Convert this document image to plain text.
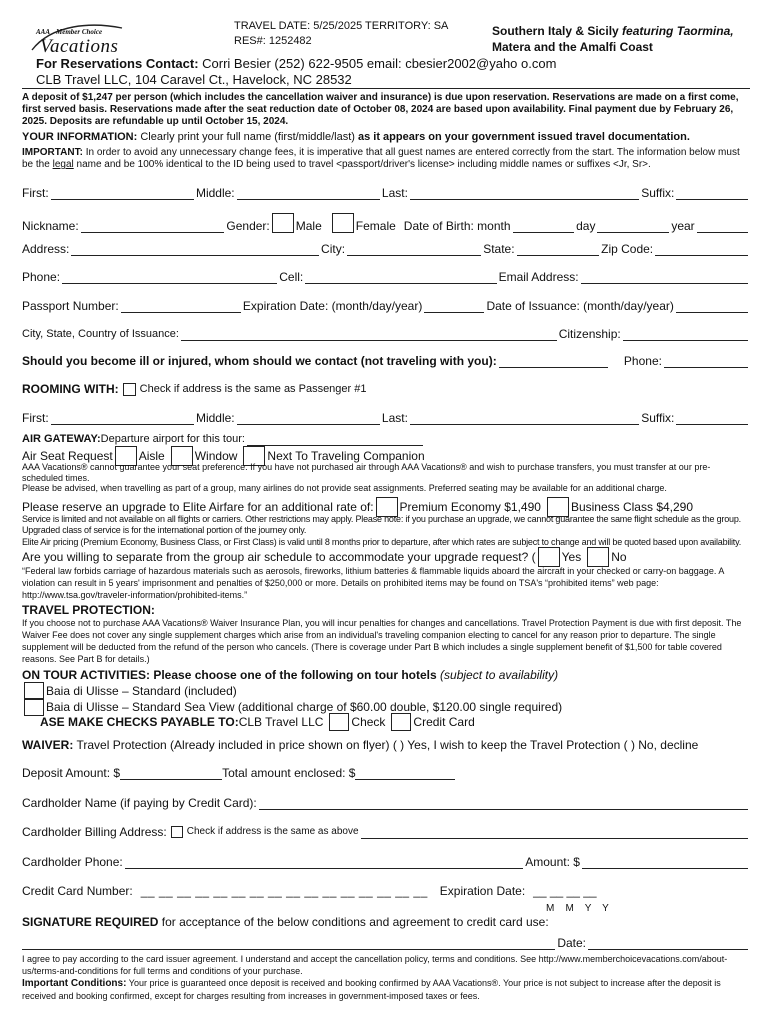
AAA Member Choice
Vacations
TRAVEL DATE: 5/25/2025 TERRITORY: SA
RES#: 1252482
Southern Italy & Sicily featuring Taormina,
Matera and the Amalfi Coast
For Reservations Contact: Corri Besier (252) 622-9505 email: cbesier2002@yaho o.com
CLB Travel LLC, 104 Caravel Ct., Havelock, NC 28532
A deposit of $1,247 per person (which includes the cancellation waiver and insurance) is due upon reservation. Reservations are made on a first come, first served basis. Reservations made after the seat reduction date of October 08, 2024 are based upon availability. Final payment due by February 26, 2025. Deposits are refundable up until October 15, 2024.
YOUR INFORMATION: Clearly print your full name (first/middle/last) as it appears on your government issued travel documentation.
IMPORTANT: In order to avoid any unnecessary change fees, it is imperative that all guest names are entered correctly from the start. The information below must be the legal name and be 100% identical to the ID being used to travel <passport/driver's license> including middle names or suffixes <Jr, Sr>.
First:	Middle:	Last:	Suffix:
Nickname:	Gender: Male	Female Date of Birth: month	day	year
Address:	City:	State:	Zip Code:
Phone:	Cell:	Email Address:
Passport Number:	Expiration Date: (month/day/year)	Date of Issuance: (month/day/year)
City, State, Country of Issuance:	Citizenship:
Should you become ill or injured, whom should we contact (not traveling with you):	Phone:
ROOMING WITH: Check if address is the same as Passenger #1
First:	Middle:	Last:	Suffix:
AIR GATEWAY: Departure airport for this tour:
Air Seat Request Aisle	Window	Next To Traveling Companion
AAA Vacations® cannot guarantee your seat preference. If you have not purchased air through AAA Vacations® and wish to purchase transfers, you must transfer at our pre-scheduled times.
Please be advised, when travelling as part of a group, many airlines do not provide seat assignments. Preferred seating may be available for an additional charge.
Please reserve an upgrade to Elite Airfare for an additional rate of: Premium Economy $1,490	Business Class $4,290
Service is limited and not available on all flights or carriers. Other restrictions may apply. Please note: if you purchase an upgrade, we cannot guarantee the same flight schedule as the group. Upgraded class of service is for the international portion of the journey only.
Elite Air pricing (Premium Economy, Business Class, or First Class) is valid until 8 months prior to departure, after which rates are subject to change and will be quoted based upon availability.
Are you willing to separate from the group air schedule to accommodate your upgrade request? ( Yes	No
“Federal law forbids carriage of hazardous materials such as aerosols, fireworks, lithium batteries & flammable liquids aboard the aircraft in your checked or carry-on baggage. A violation can result in 5 years' imprisonment and penalties of $250,000 or more. Details on prohibited items may be found on TSA's “prohibited items” web page: http://www.tsa.gov/traveler-information/prohibited-items.”
TRAVEL PROTECTION:
If you choose not to purchase AAA Vacations® Waiver Insurance Plan, you will incur penalties for changes and cancellations. Travel Protection Payment is due with first deposit. The Waiver Fee does not cover any single supplement charges which arise from an individual's traveling companion electing to cancel for any reason prior to departure. The single supplement will be deducted from the refund of the person who cancels. (There is coverage under Part B which includes a single supplement benefit of $1,500 for table covered reasons. See Part B for details.)
ON TOUR ACTIVITIES: Please choose one of the following on tour hotels (subject to availability)
Baia di Ulisse – Standard (included)
Baia di Ulisse – Standard Sea View (additional charge of $60.00 double, $120.00 single required)
ASE MAKE CHECKS PAYABLE TO: CLB Travel LLC Check Credit Card
WAIVER: Travel Protection (Already included in price shown on flyer) ( ) Yes, I wish to keep the Travel Protection ( ) No, decline
Deposit Amount: $	Total amount enclosed: $
Cardholder Name (if paying by Credit Card):
Cardholder Billing Address: Check if address is the same as above
Cardholder Phone:	Amount: $
Credit Card Number: __ __ __ __ __ __ __ __ __ __ __ __ __ __ __ __ Expiration Date: __ __ __ __
M    M    Y    Y
SIGNATURE REQUIRED for acceptance of the below conditions and agreement to credit card use:
Date:
I agree to pay according to the card issuer agreement. I understand and accept the cancellation policy, terms and conditions. See http://www.memberchoicevacations.com/about-us/terms-and-conditions for full terms and conditions of your purchase.
Important Conditions: Your price is guaranteed once deposit is received and booking confirmed by AAA Vacations®. Your price is not subject to increase after the deposit is received and booking confirmed, except for charges resulting from increases in government-imposed taxes or fees.
